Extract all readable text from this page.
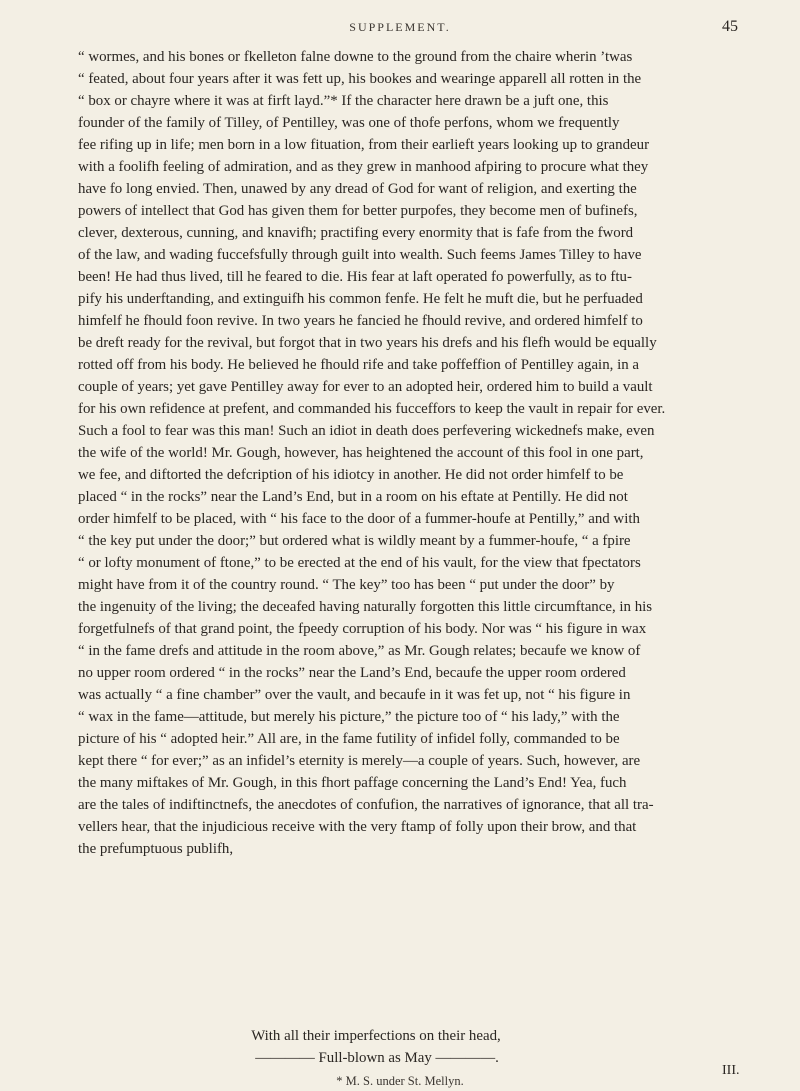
SUPPLEMENT.	45
“ wormes, and his bones or fkelleton falne downe to the ground from the chaire wherin ’twas
“ feated, about four years after it was fett up, his bookes and wearinge apparell all rotten in the
“ box or chayre where it was at firft layd.”* If the character here drawn be a juft one, this
founder of the family of Tilley, of Pentilley, was one of thofe perfons, whom we frequently
fee rifing up in life; men born in a low fituation, from their earlieft years looking up to grandeur
with a foolifh feeling of admiration, and as they grew in manhood afpiring to procure what they
have fo long envied. Then, unawed by any dread of God for want of religion, and exerting the
powers of intellect that God has given them for better purpofes, they become men of bufinefs,
clever, dexterous, cunning, and knavifh; practifing every enormity that is fafe from the fword
of the law, and wading fuccefsfully through guilt into wealth. Such feems James Tilley to have
been! He had thus lived, till he feared to die. His fear at laft operated fo powerfully, as to ftu-
pify his underftanding, and extinguifh his common fenfe. He felt he muft die, but he perfuaded
himfelf he fhould foon revive. In two years he fancied he fhould revive, and ordered himfelf to
be dreft ready for the revival, but forgot that in two years his drefs and his flefh would be equally
rotted off from his body. He believed he fhould rife and take poffeffion of Pentilley again, in a
couple of years; yet gave Pentilley away for ever to an adopted heir, ordered him to build a vault
for his own refidence at prefent, and commanded his fucceffors to keep the vault in repair for ever.
Such a fool to fear was this man! Such an idiot in death does perfevering wickednefs make, even
the wife of the world! Mr. Gough, however, has heightened the account of this fool in one part,
we fee, and diftorted the defcription of his idiotcy in another. He did not order himfelf to be
placed “ in the rocks” near the Land’s End, but in a room on his eftate at Pentilly. He did not
order himfelf to be placed, with “ his face to the door of a fummer-houfe at Pentilly,” and with
“ the key put under the door;” but ordered what is wildly meant by a fummer-houfe, “ a fpire
“ or lofty monument of ftone,” to be erected at the end of his vault, for the view that fpectators
might have from it of the country round. “ The key” too has been “ put under the door” by
the ingenuity of the living; the deceafed having naturally forgotten this little circumftance, in his
forgetfulnefs of that grand point, the fpeedy corruption of his body. Nor was “ his figure in wax
“ in the fame drefs and attitude in the room above,” as Mr. Gough relates; becaufe we know of
no upper room ordered “ in the rocks” near the Land’s End, becaufe the upper room ordered
was actually “ a fine chamber” over the vault, and becaufe in it was fet up, not “ his figure in
“ wax in the fame—attitude, but merely his picture,” the picture too of “ his lady,” with the
picture of his “ adopted heir.” All are, in the fame futility of infidel folly, commanded to be
kept there “ for ever;” as an infidel’s eternity is merely—a couple of years. Such, however, are
the many miftakes of Mr. Gough, in this fhort paffage concerning the Land’s End! Yea, fuch
are the tales of indiftinctnefs, the anecdotes of confufion, the narratives of ignorance, that all tra-
vellers hear, that the injudicious receive with the very ftamp of folly upon their brow, and that
the prefumptuous publifh,
With all their imperfections on their head,
———— Full-blown as May ————.
III.
* M. S. under St. Mellyn.
